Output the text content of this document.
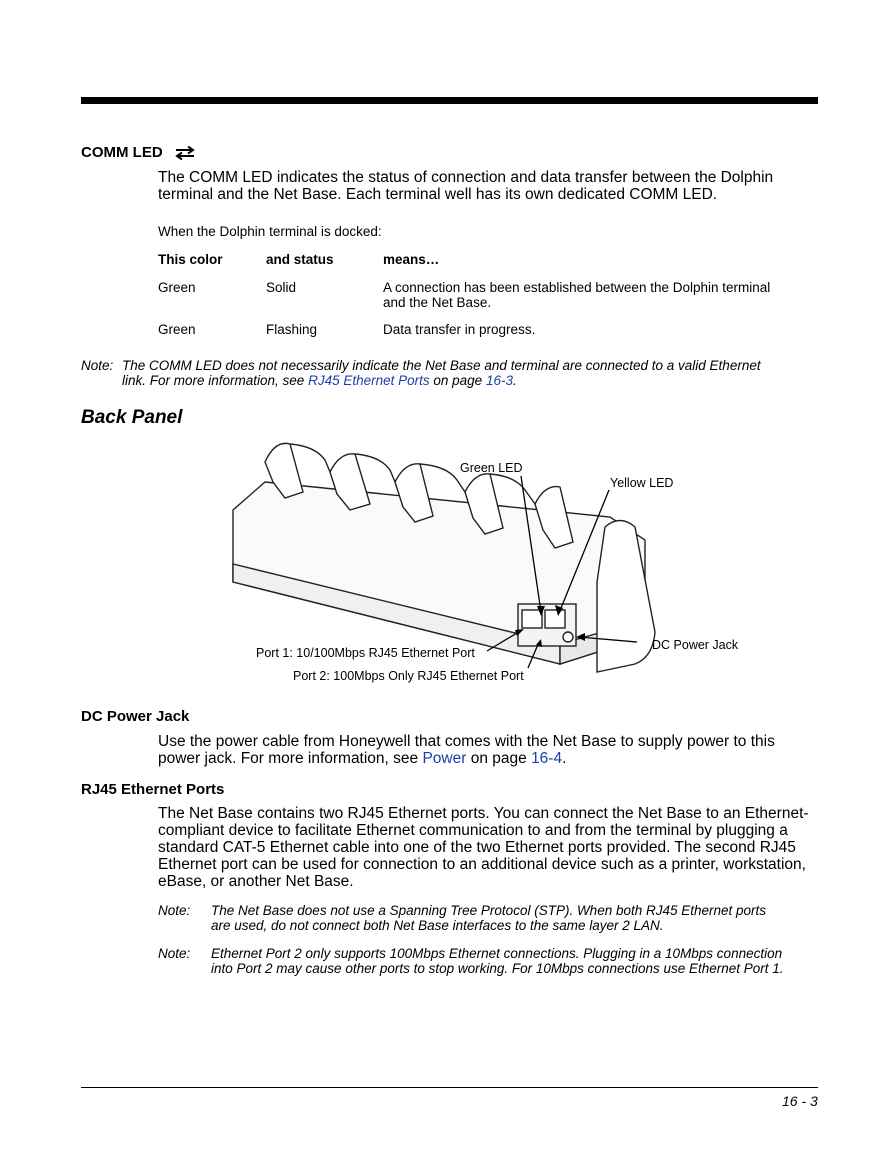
COMM LED
The COMM LED indicates the status of connection and data transfer between the Dolphin
terminal and the Net Base. Each terminal well has its own dedicated COMM LED.
When the Dolphin terminal is docked:
This color	and status	means…
Green	Solid	A connection has been established between the Dolphin terminal
and the Net Base.
Green	Flashing	Data transfer in progress.
Note: The COMM LED does not necessarily indicate the Net Base and terminal are connected to a valid Ethernet
link. For more information, see RJ45 Ethernet Ports on page 16-3.
Back Panel
Green LED
Yellow LED
Port 1: 10/100Mbps RJ45 Ethernet Port
Port 2: 100Mbps Only RJ45 Ethernet Port
DC Power Jack
DC Power Jack
Use the power cable from Honeywell that comes with the Net Base to supply power to this
power jack. For more information, see Power on page 16-4.
RJ45 Ethernet Ports
The Net Base contains two RJ45 Ethernet ports. You can connect the Net Base to an Ethernet-
compliant device to facilitate Ethernet communication to and from the terminal by plugging a
standard CAT-5 Ethernet cable into one of the two Ethernet ports provided. The second RJ45
Ethernet port can be used for connection to an additional device such as a printer, workstation,
eBase, or another Net Base.
Note: The Net Base does not use a Spanning Tree Protocol (STP). When both RJ45 Ethernet ports
are used, do not connect both Net Base interfaces to the same layer 2 LAN.
Note: Ethernet Port 2 only supports 100Mbps Ethernet connections. Plugging in a 10Mbps connection
into Port 2 may cause other ports to stop working. For 10Mbps connections use Ethernet Port 1.
16 - 3
